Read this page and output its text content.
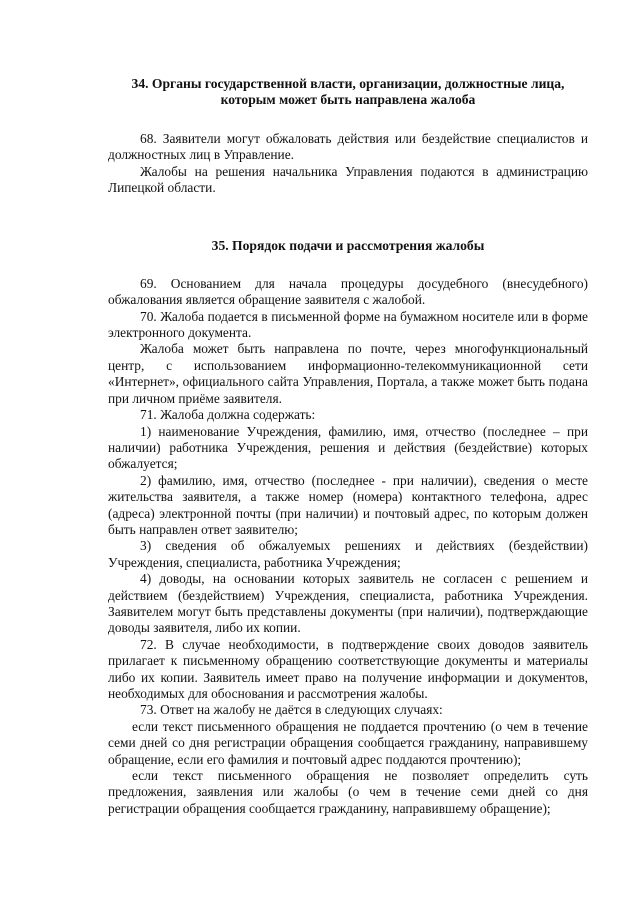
34. Органы государственной власти, организации, должностные лица, которым может быть направлена жалоба

68. Заявители могут обжаловать действия или бездействие специалистов и должностных лиц в Управление.

Жалобы на решения начальника Управления подаются в администрацию Липецкой области.

35. Порядок подачи и рассмотрения жалобы

69. Основанием для начала процедуры досудебного (внесудебного) обжалования является обращение заявителя с жалобой.

70. Жалоба подается в письменной форме на бумажном носителе или в форме электронного документа.

Жалоба может быть направлена по почте, через многофункциональный центр, с использованием информационно-телекоммуникационной сети «Интернет», официального сайта Управления, Портала, а также может быть подана при личном приёме заявителя.

71. Жалоба должна содержать:

1) наименование Учреждения, фамилию, имя, отчество (последнее – при наличии) работника Учреждения, решения и действия (бездействие) которых обжалуется;

2) фамилию, имя, отчество (последнее - при наличии), сведения о месте жительства заявителя, а также номер (номера) контактного телефона, адрес (адреса) электронной почты (при наличии) и почтовый адрес, по которым должен быть направлен ответ заявителю;

3) сведения об обжалуемых решениях и действиях (бездействии) Учреждения, специалиста, работника Учреждения;

4) доводы, на основании которых заявитель не согласен с решением и действием (бездействием) Учреждения, специалиста, работника Учреждения. Заявителем могут быть представлены документы (при наличии), подтверждающие доводы заявителя, либо их копии.

72. В случае необходимости, в подтверждение своих доводов заявитель прилагает к письменному обращению соответствующие документы и материалы либо их копии. Заявитель имеет право на получение информации и документов, необходимых для обоснования и рассмотрения жалобы.

73. Ответ на жалобу не даётся в следующих случаях:

если текст письменного обращения не поддается прочтению (о чем в течение семи дней со дня регистрации обращения сообщается гражданину, направившему обращение, если его фамилия и почтовый адрес поддаются прочтению);

если текст письменного обращения не позволяет определить суть предложения, заявления или жалобы (о чем в течение семи дней со дня регистрации обращения сообщается гражданину, направившему обращение);
